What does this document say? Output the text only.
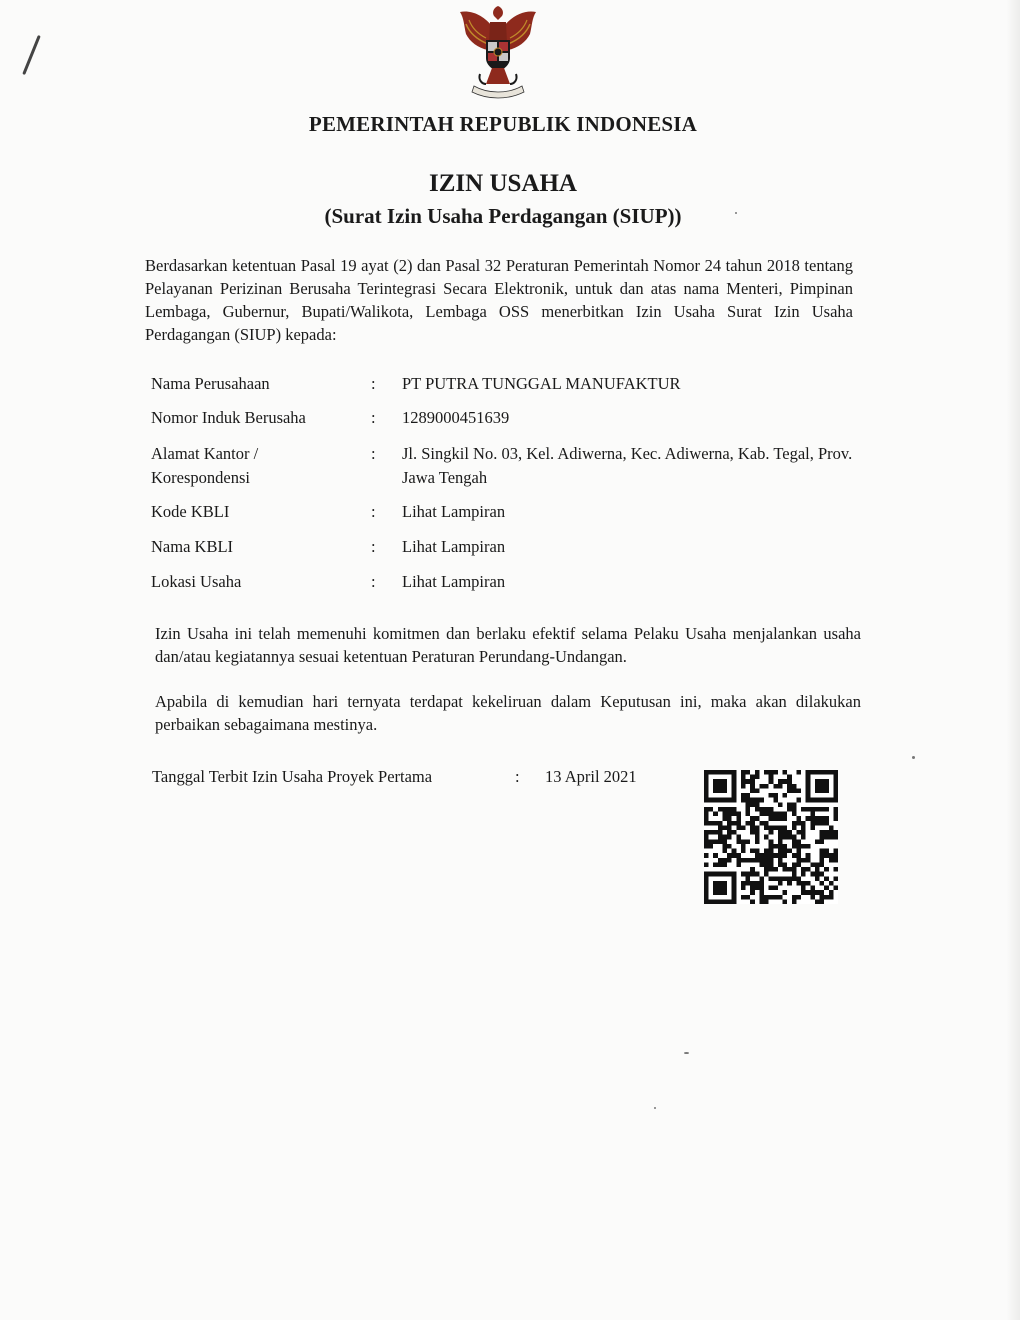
PEMERINTAH REPUBLIK INDONESIA
IZIN USAHA
(Surat Izin Usaha Perdagangan (SIUP))

Berdasarkan ketentuan Pasal 19 ayat (2) dan Pasal 32 Peraturan Pemerintah Nomor 24 tahun 2018 tentang Pelayanan Perizinan Berusaha Terintegrasi Secara Elektronik, untuk dan atas nama Menteri, Pimpinan Lembaga, Gubernur, Bupati/Walikota, Lembaga OSS menerbitkan Izin Usaha Surat Izin Usaha Perdagangan (SIUP) kepada:

Nama Perusahaan	: PT PUTRA TUNGGAL MANUFAKTUR
Nomor Induk Berusaha	: 1289000451639
Alamat Kantor / Korespondensi
: Jl. Singkil No. 03, Kel. Adiwerna, Kec. Adiwerna, Kab. Tegal, Prov. Jawa Tengah
Kode KBLI	: Lihat Lampiran
Nama KBLI	: Lihat Lampiran
Lokasi Usaha	: Lihat Lampiran

Izin Usaha ini telah memenuhi komitmen dan berlaku efektif selama Pelaku Usaha menjalankan usaha dan/atau kegiatannya sesuai ketentuan Peraturan Perundang-Undangan.

Apabila di kemudian hari ternyata terdapat kekeliruan dalam Keputusan ini, maka akan dilakukan perbaikan sebagaimana mestinya.

Tanggal Terbit Izin Usaha Proyek Pertama	: 13 April 2021
